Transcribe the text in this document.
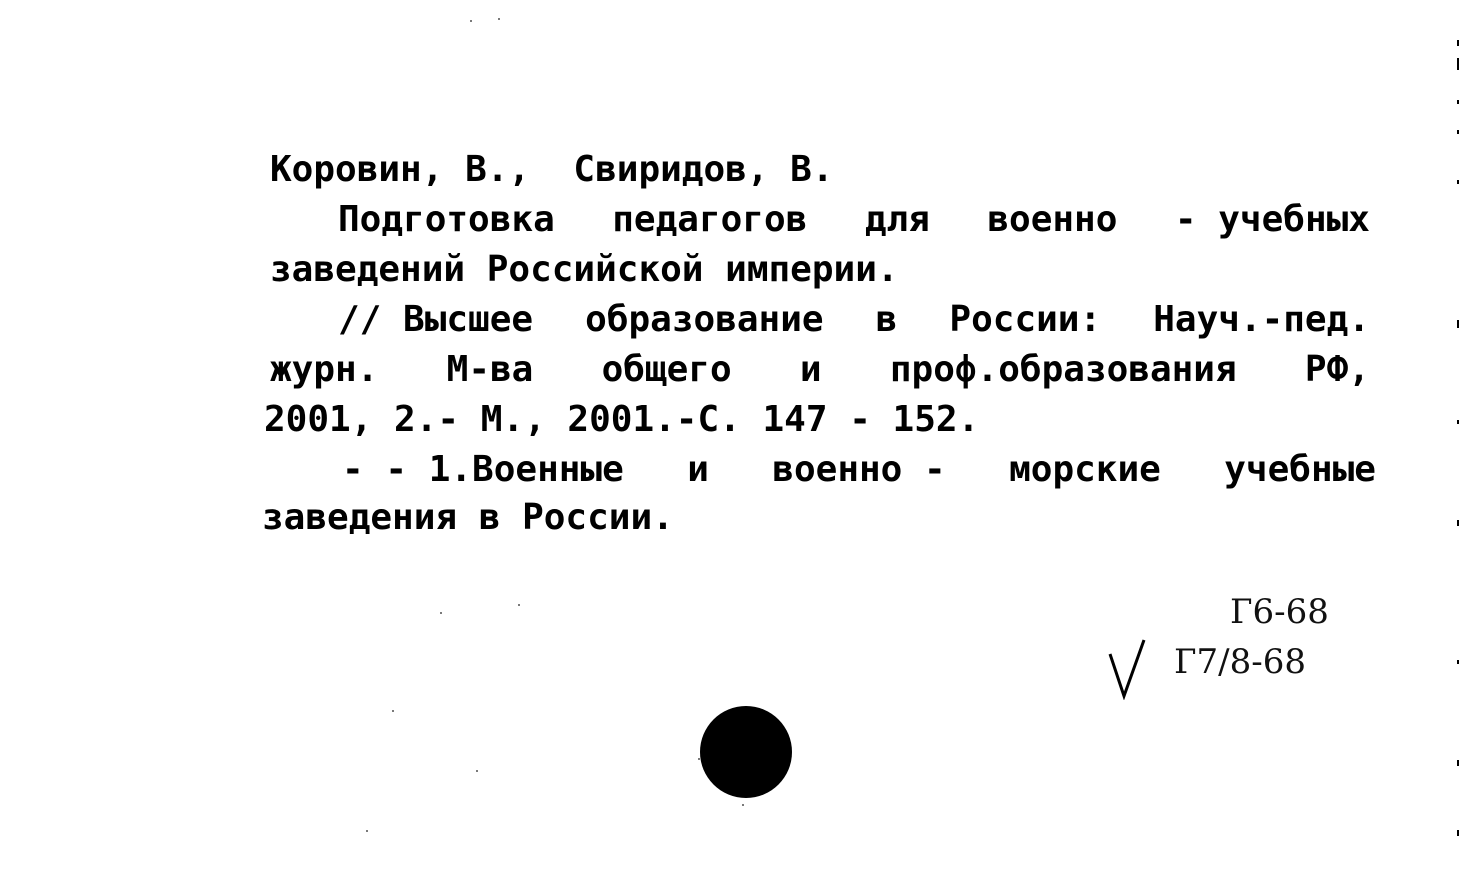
Коровин, В.,  Свиридов, В.
Подготовка педагогов для военно - учебных
заведений Российской империи.
// Высшее образование в России: Науч.-пед.
журн. М-ва общего и проф.образования РФ,
2001, 2.- М., 2001.-С. 147 - 152.
- - 1.Военные и военно - морские учебные
заведения в России.
Г6-68
Г7/8-68
